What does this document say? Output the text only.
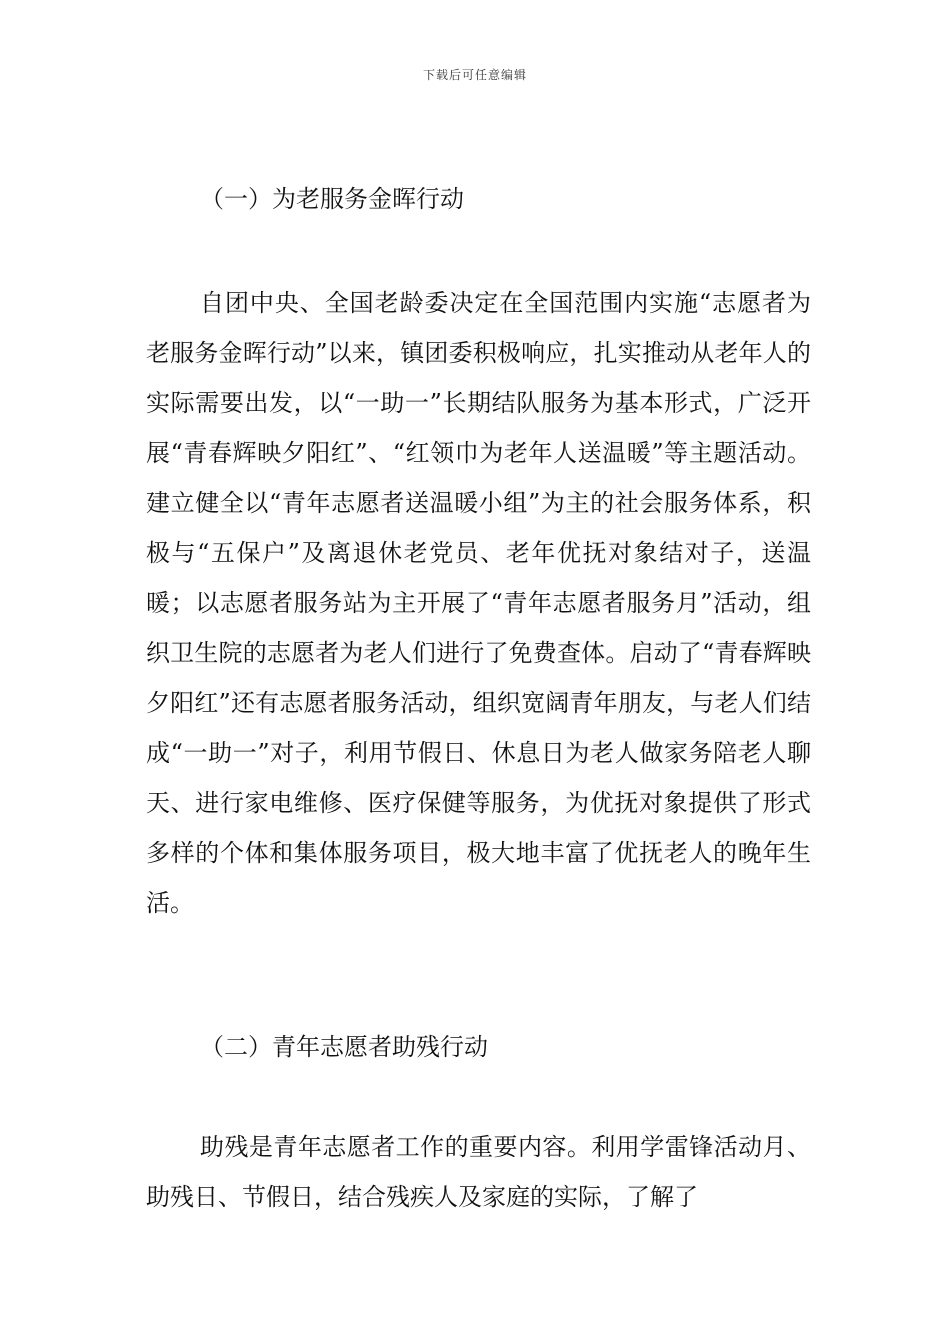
下载后可任意编辑
（一）为老服务金晖行动
自团中央、全国老龄委决定在全国范围内实施“志愿者为老服务金晖行动”以来，镇团委积极响应，扎实推动从老年人的实际需要出发，以“一助一”长期结队服务为基本形式，广泛开展“青春辉映夕阳红”、“红领巾为老年人送温暖”等主题活动。建立健全以“青年志愿者送温暖小组”为主的社会服务体系，积极与“五保户”及离退休老党员、老年优抚对象结对子，送温暖；以志愿者服务站为主开展了“青年志愿者服务月”活动，组织卫生院的志愿者为老人们进行了免费查体。启动了“青春辉映夕阳红”还有志愿者服务活动，组织宽阔青年朋友，与老人们结成“一助一”对子，利用节假日、休息日为老人做家务陪老人聊天、进行家电维修、医疗保健等服务，为优抚对象提供了形式多样的个体和集体服务项目，极大地丰富了优抚老人的晚年生活。
（二）青年志愿者助残行动
助残是青年志愿者工作的重要内容。利用学雷锋活动月、助残日、节假日，结合残疾人及家庭的实际，了解了
